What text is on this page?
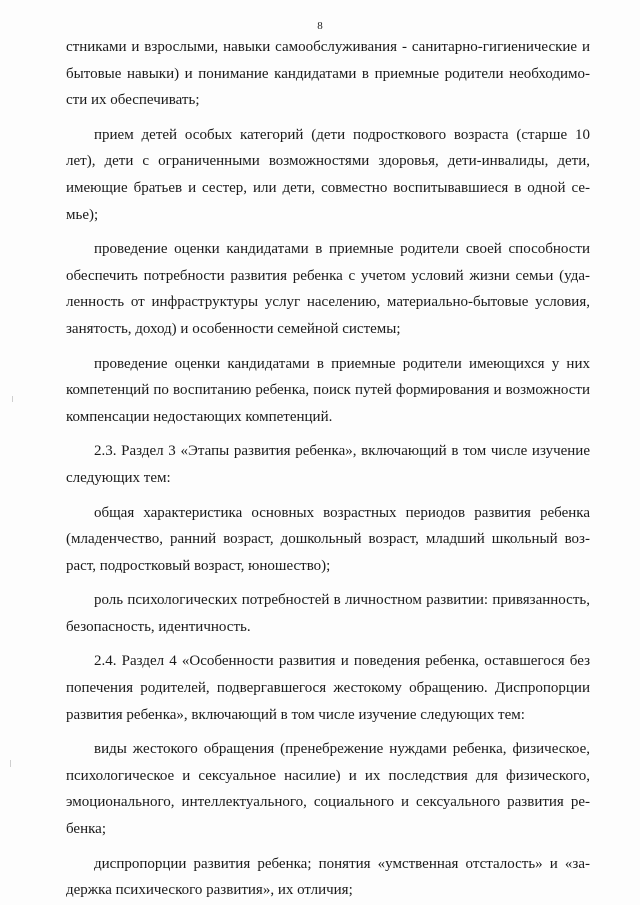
8

стниками и взрослыми, навыки самообслуживания - санитарно-гигиенические и бытовые навыки) и понимание кандидатами в приемные родители необходимости их обеспечивать;

прием детей особых категорий (дети подросткового возраста (старше 10 лет), дети с ограниченными возможностями здоровья, дети-инвалиды, дети, имеющие братьев и сестер, или дети, совместно воспитывавшиеся в одной семье);

проведение оценки кандидатами в приемные родители своей способности обеспечить потребности развития ребенка с учетом условий жизни семьи (удаленность от инфраструктуры услуг населению, материально-бытовые условия, занятость, доход) и особенности семейной системы;

проведение оценки кандидатами в приемные родители имеющихся у них компетенций по воспитанию ребенка, поиск путей формирования и возможности компенсации недостающих компетенций.

2.3. Раздел 3 «Этапы развития ребенка», включающий в том числе изучение следующих тем:

общая характеристика основных возрастных периодов развития ребенка (младенчество, ранний возраст, дошкольный возраст, младший школьный возраст, подростковый возраст, юношество);

роль психологических потребностей в личностном развитии: привязанность, безопасность, идентичность.

2.4. Раздел 4 «Особенности развития и поведения ребенка, оставшегося без попечения родителей, подвергавшегося жестокому обращению. Диспропорции развития ребенка», включающий в том числе изучение следующих тем:

виды жестокого обращения (пренебрежение нуждами ребенка, физическое, психологическое и сексуальное насилие) и их последствия для физического, эмоционального, интеллектуального, социального и сексуального развития ребенка;

диспропорции развития ребенка; понятия «умственная отсталость» и «задержка психического развития», их отличия;
